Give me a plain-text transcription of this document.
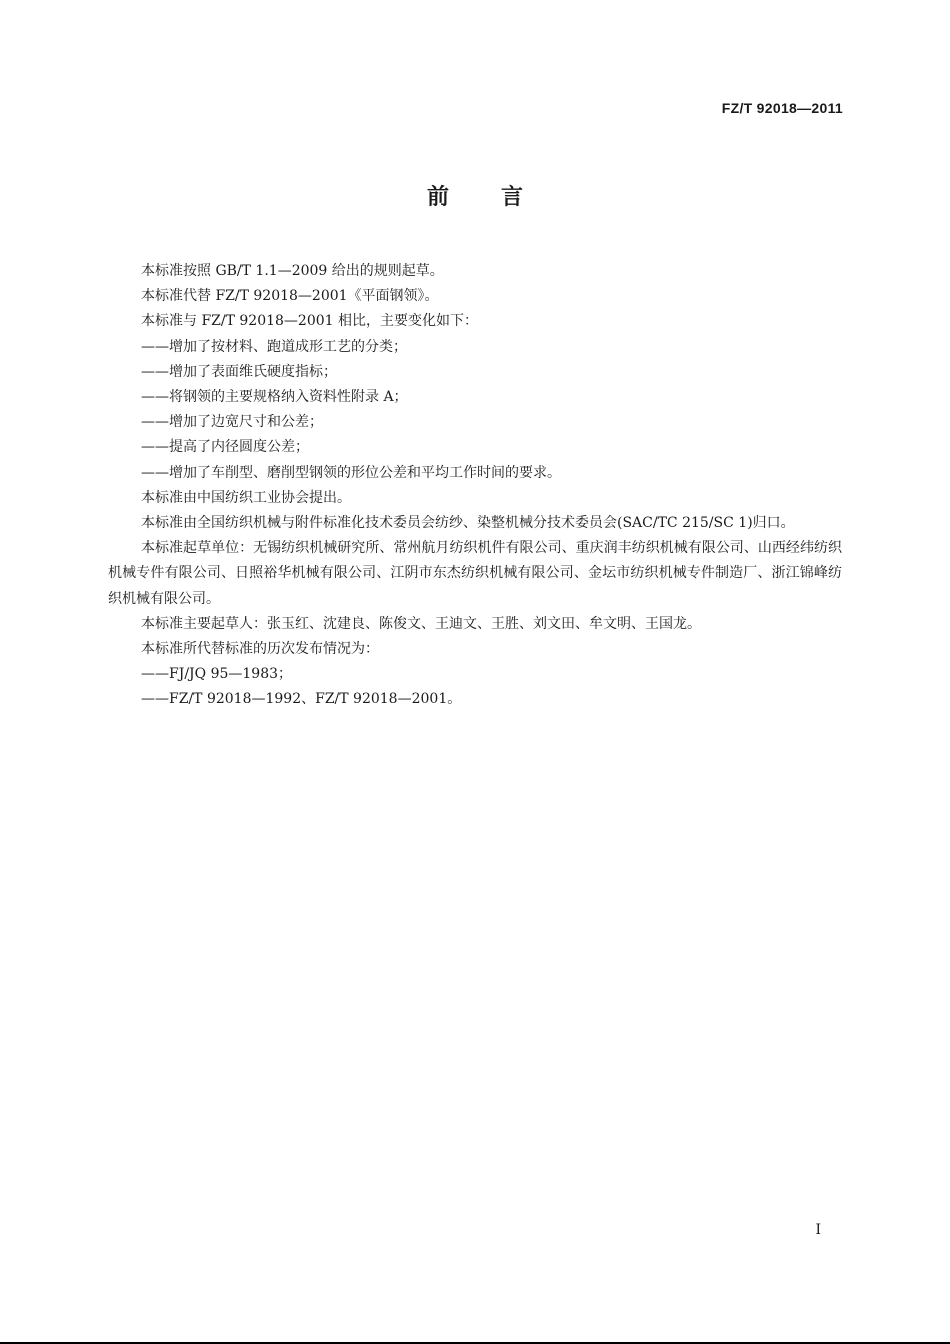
FZ/T 92018—2011
前言

本标准按照 GB/T 1.1—2009 给出的规则起草。

本标准代替 FZ/T 92018—2001《平面钢领》。

本标准与 FZ/T 92018—2001 相比，主要变化如下：

——增加了按材料、跑道成形工艺的分类；

——增加了表面维氏硬度指标；

——将钢领的主要规格纳入资料性附录 A；

——增加了边宽尺寸和公差；

——提高了内径圆度公差；

——增加了车削型、磨削型钢领的形位公差和平均工作时间的要求。

本标准由中国纺织工业协会提出。

本标准由全国纺织机械与附件标准化技术委员会纺纱、染整机械分技术委员会(SAC/TC 215/SC 1)归口。

本标准起草单位：无锡纺织机械研究所、常州航月纺织机件有限公司、重庆润丰纺织机械有限公司、山西经纬纺织机械专件有限公司、日照裕华机械有限公司、江阴市东杰纺织机械有限公司、金坛市纺织机械专件制造厂、浙江锦峰纺织机械有限公司。

本标准主要起草人：张玉红、沈建良、陈俊文、王迪文、王胜、刘文田、牟文明、王国龙。

本标准所代替标准的历次发布情况为：

——FJ/JQ 95—1983；

——FZ/T 92018—1992、FZ/T 92018—2001。

I
